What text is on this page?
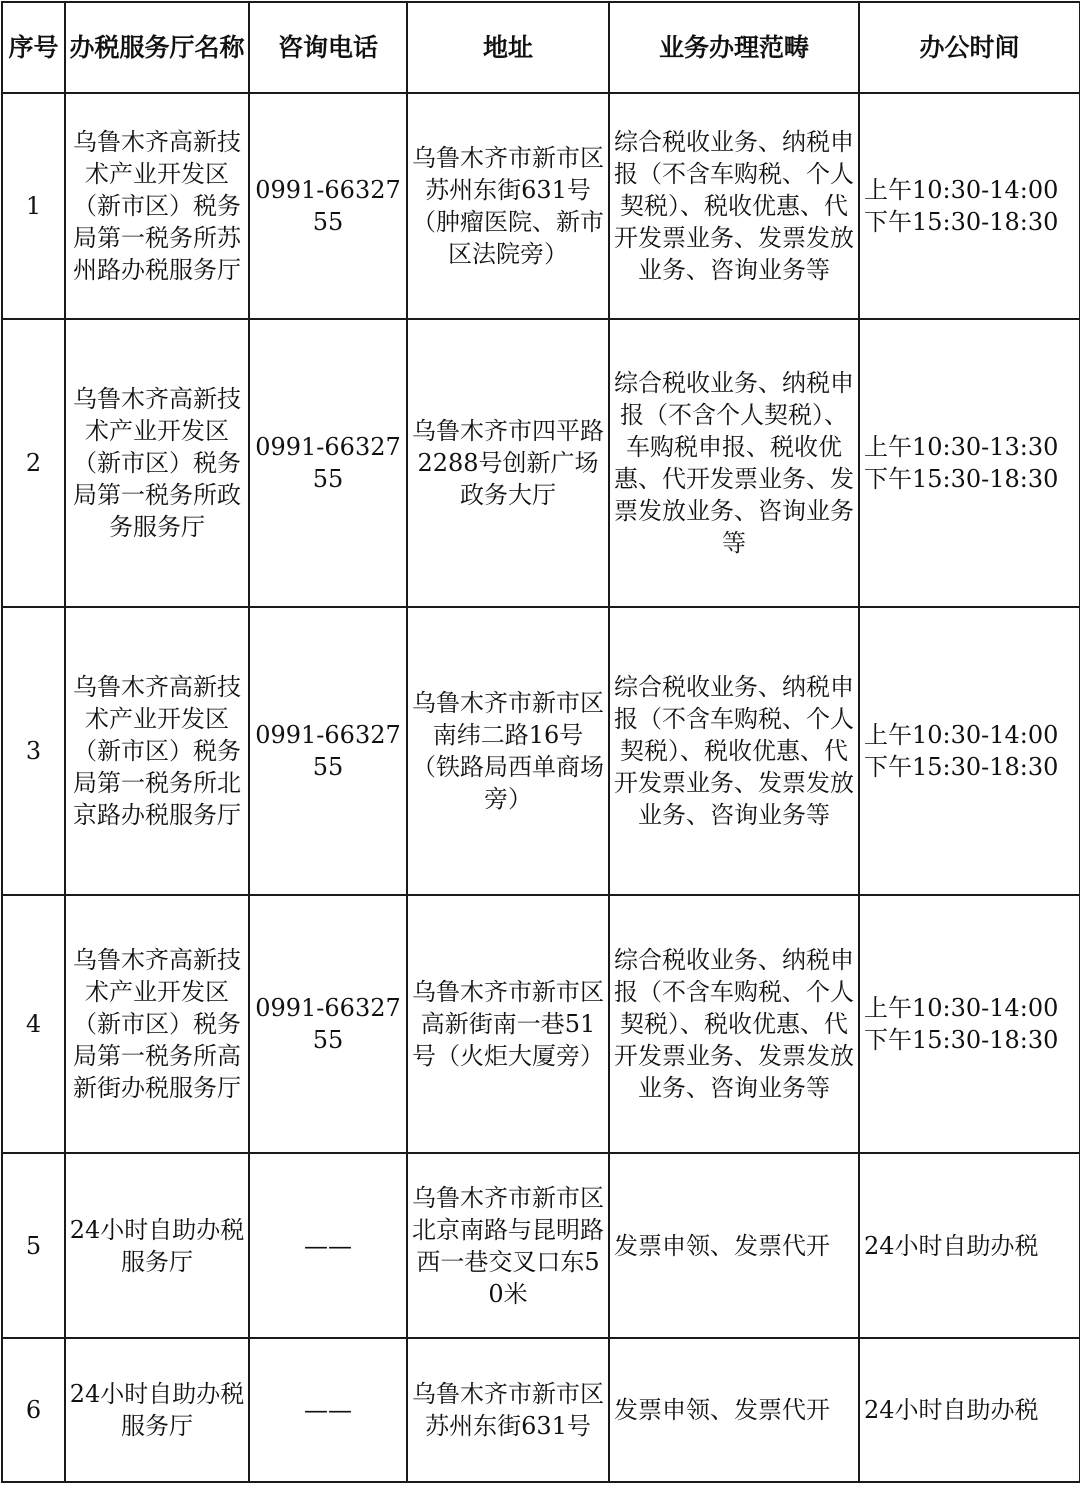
序号	办税服务厅名称	咨询电话	地址	业务办理范畴	办公时间

1	乌鲁木齐高新技术产业开发区（新市区）税务局第一税务所苏州路办税服务厅	0991-6632755	乌鲁木齐市新市区苏州东街631号（肿瘤医院、新市区法院旁）	综合税收业务、纳税申报（不含车购税、个人契税）、税收优惠、代开发票业务、发票发放业务、咨询业务等	上午10:30-14:00
下午15:30-18:30

2	乌鲁木齐高新技术产业开发区（新市区）税务局第一税务所政务服务厅	0991-6632755	乌鲁木齐市四平路2288号创新广场政务大厅	综合税收业务、纳税申报（不含个人契税）、车购税申报、税收优惠、代开发票业务、发票发放业务、咨询业务等	上午10:30-13:30
下午15:30-18:30

3	乌鲁木齐高新技术产业开发区（新市区）税务局第一税务所北京路办税服务厅	0991-6632755	乌鲁木齐市新市区南纬二路16号（铁路局西单商场旁）	综合税收业务、纳税申报（不含车购税、个人契税）、税收优惠、代开发票业务、发票发放业务、咨询业务等	上午10:30-14:00
下午15:30-18:30

4	乌鲁木齐高新技术产业开发区（新市区）税务局第一税务所高新街办税服务厅	0991-6632755	乌鲁木齐市新市区高新街南一巷51号（火炬大厦旁）	综合税收业务、纳税申报（不含车购税、个人契税）、税收优惠、代开发票业务、发票发放业务、咨询业务等	上午10:30-14:00
下午15:30-18:30

5	24小时自助办税服务厅	——	乌鲁木齐市新市区北京南路与昆明路西一巷交叉口东50米	发票申领、发票代开	24小时自助办税

6	24小时自助办税服务厅	——	乌鲁木齐市新市区苏州东街631号	发票申领、发票代开	24小时自助办税
